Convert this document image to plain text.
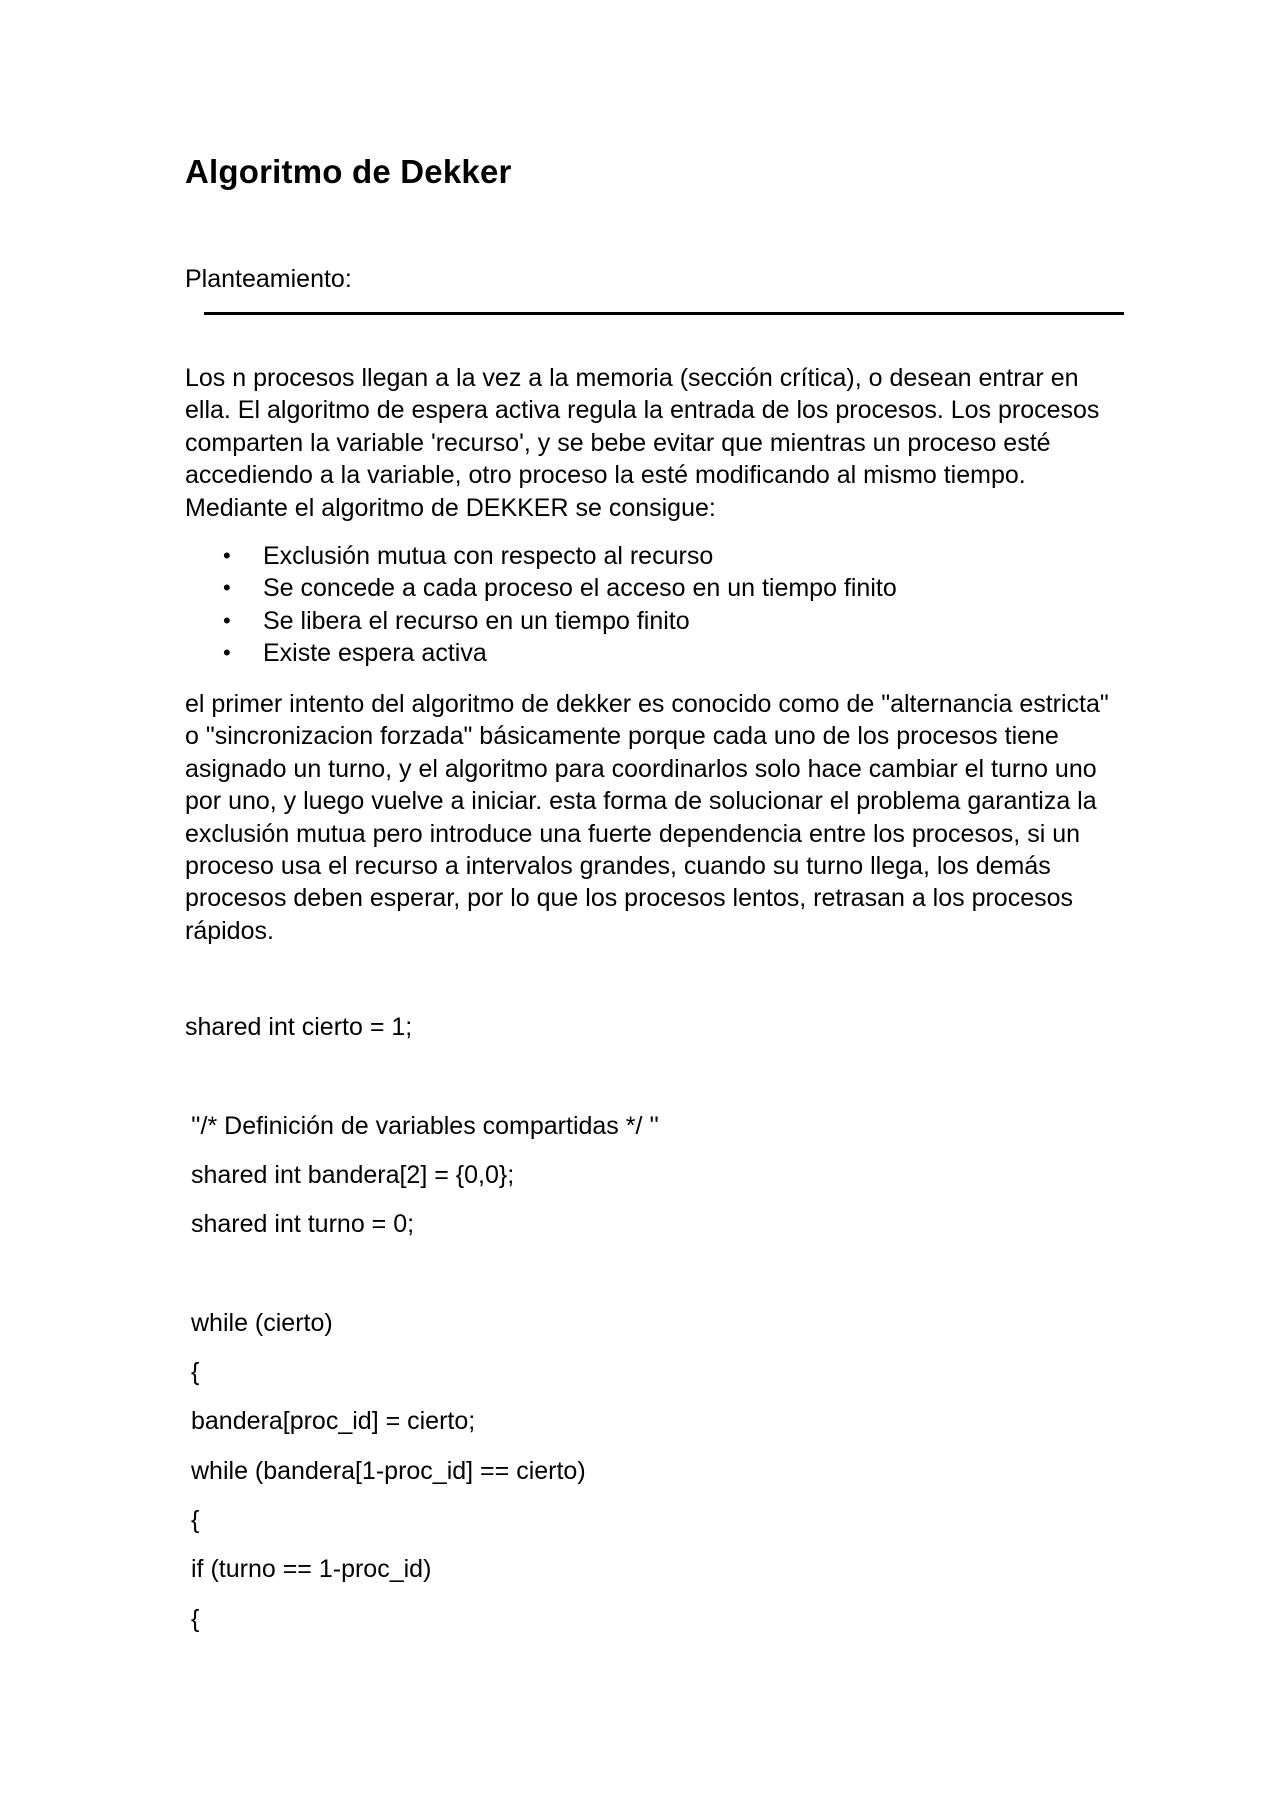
Algoritmo de Dekker

Planteamiento:

Los n procesos llegan a la vez a la memoria (sección crítica), o desean entrar en ella. El algoritmo de espera activa regula la entrada de los procesos. Los procesos comparten la variable 'recurso', y se bebe evitar que mientras un proceso esté accediendo a la variable, otro proceso la esté modificando al mismo tiempo. Mediante el algoritmo de DEKKER se consigue:

• Exclusión mutua con respecto al recurso
• Se concede a cada proceso el acceso en un tiempo finito
• Se libera el recurso en un tiempo finito
• Existe espera activa

el primer intento del algoritmo de dekker es conocido como de "alternancia estricta" o "sincronizacion forzada" básicamente porque cada uno de los procesos tiene asignado un turno, y el algoritmo para coordinarlos solo hace cambiar el turno uno por uno, y luego vuelve a iniciar. esta forma de solucionar el problema garantiza la exclusión mutua pero introduce una fuerte dependencia entre los procesos, si un proceso usa el recurso a intervalos grandes, cuando su turno llega, los demás procesos deben esperar, por lo que los procesos lentos, retrasan a los procesos rápidos.

shared int cierto = 1;

''/* Definición de variables compartidas */ ''

shared int bandera[2] = {0,0};

shared int turno = 0;

while (cierto)

{

bandera[proc_id] = cierto;

while (bandera[1-proc_id] == cierto)

{

if (turno == 1-proc_id)

{
